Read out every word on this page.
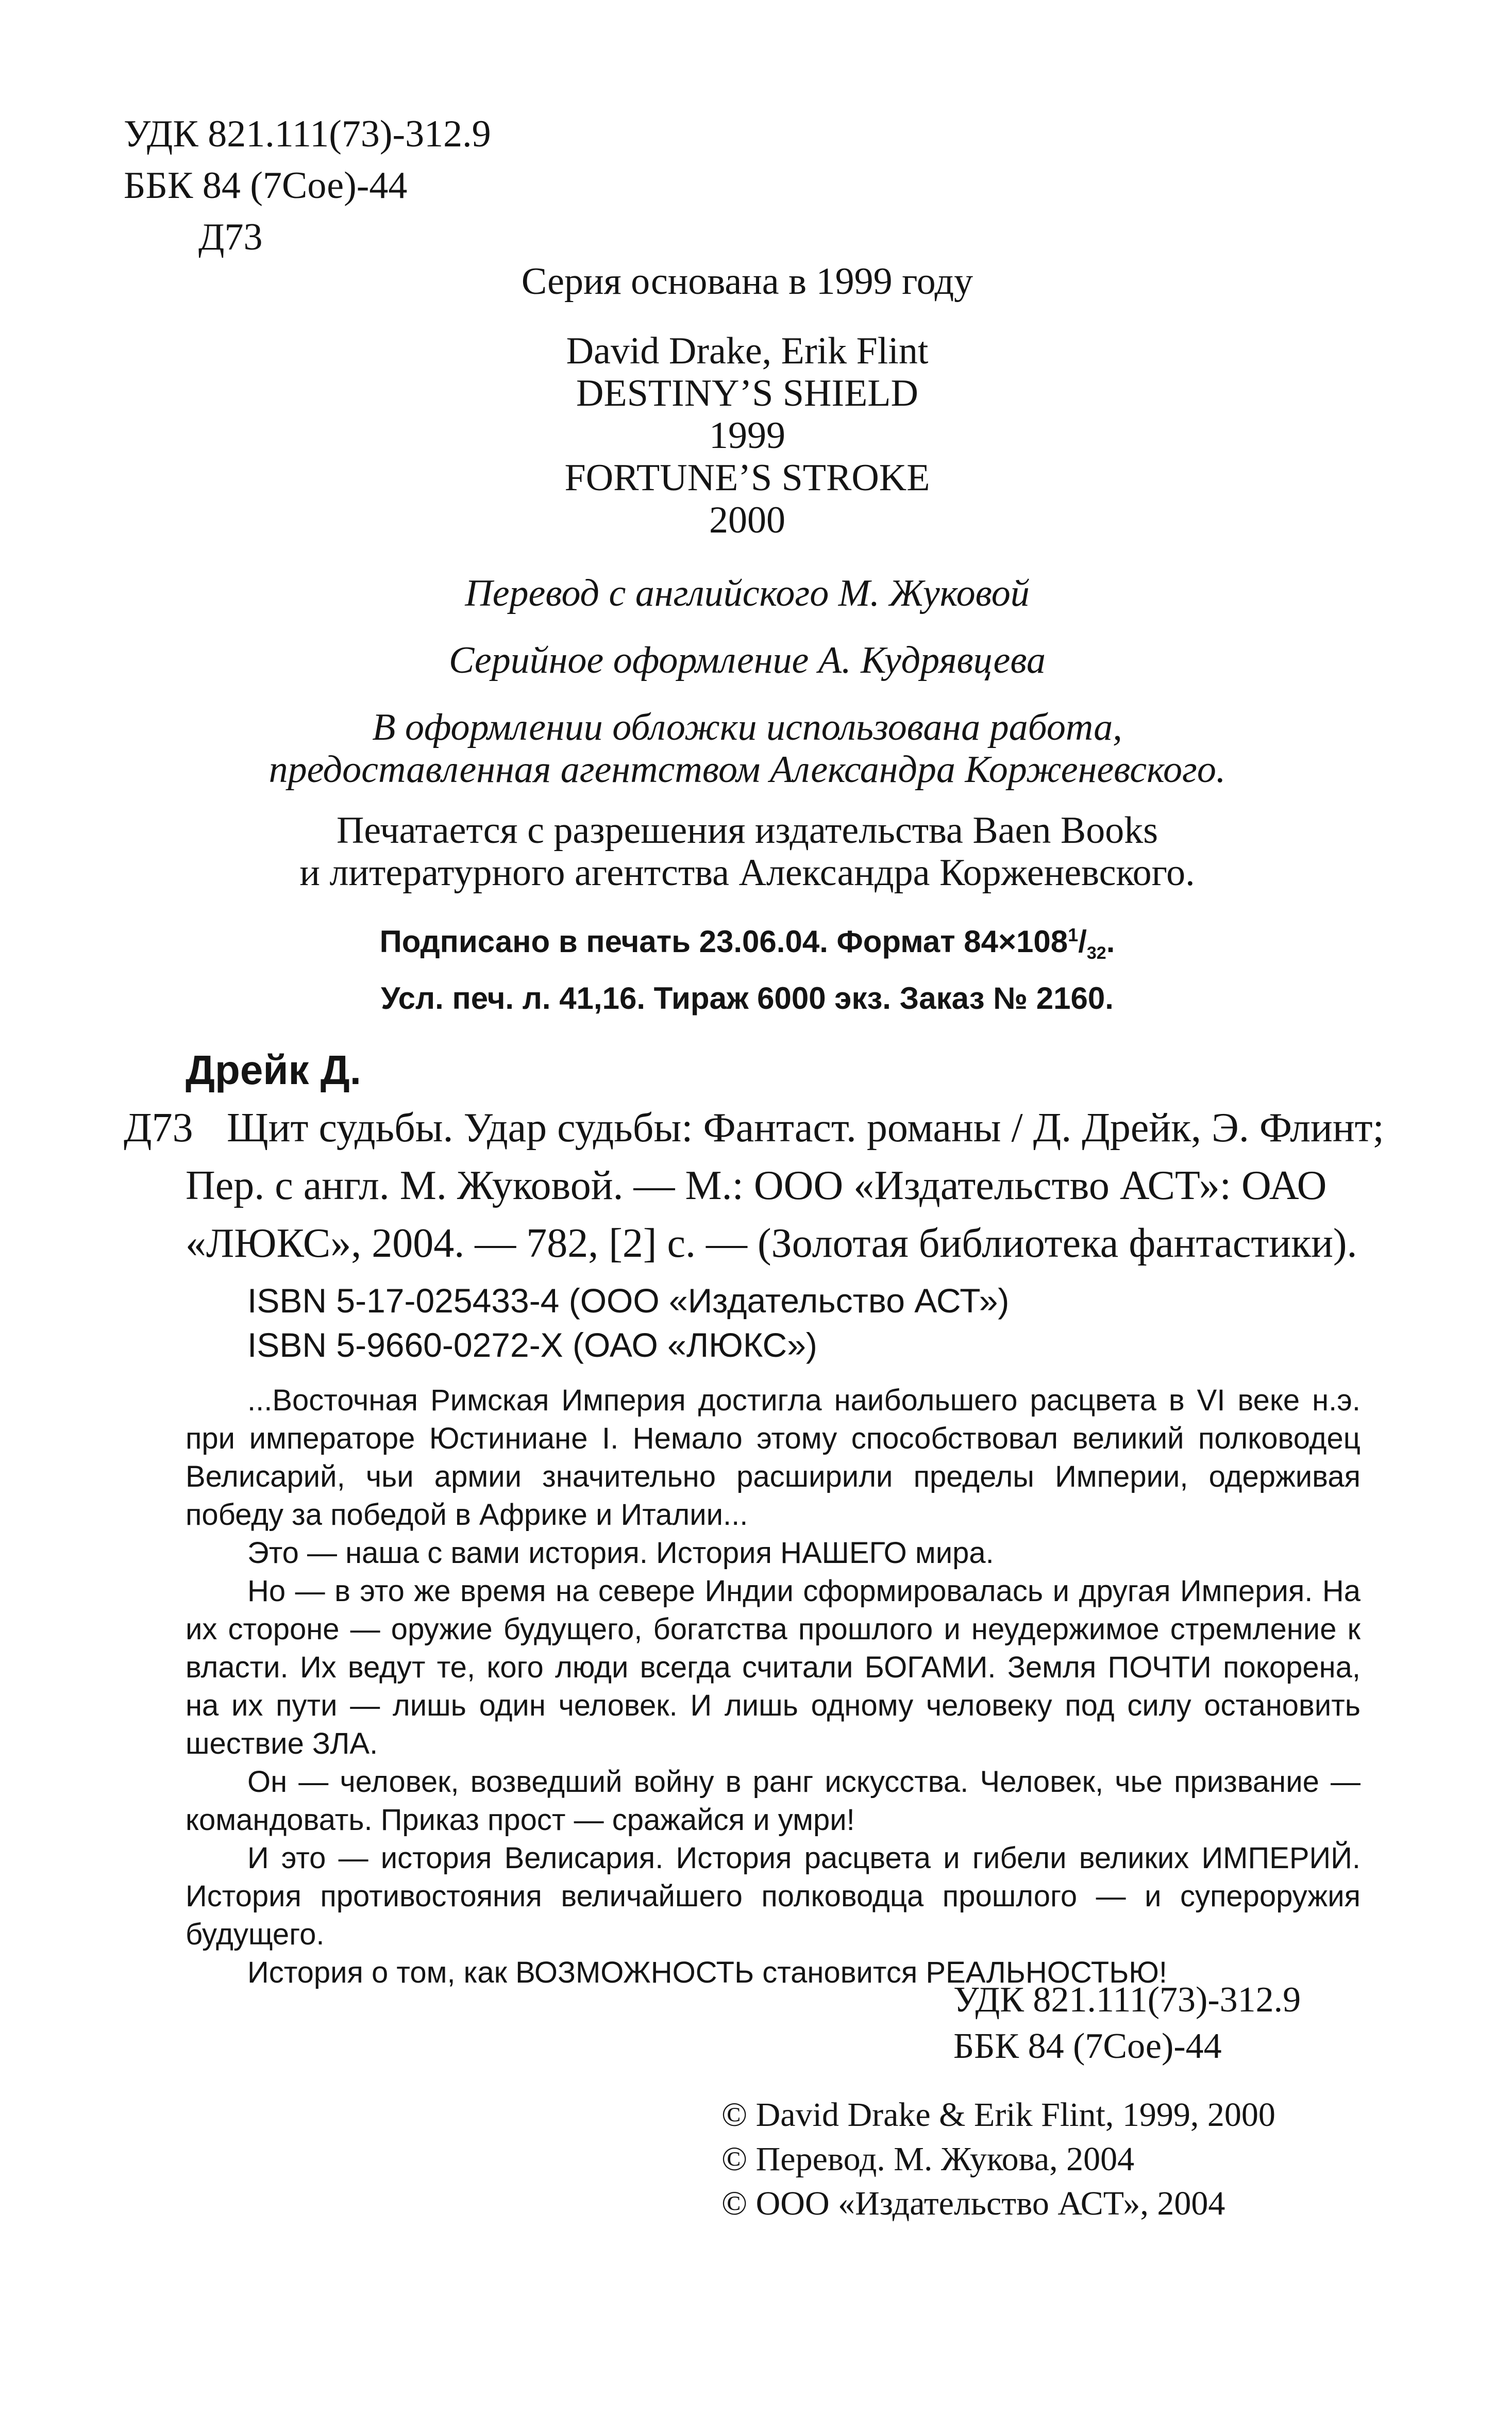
УДК 821.111(73)-312.9
ББК 84 (7Сое)-44
Д73
Серия основана в 1999 году
David Drake, Erik Flint
DESTINY’S SHIELD
1999
FORTUNE’S STROKE
2000
Перевод с английского М. Жуковой
Серийное оформление А. Кудрявцева
В оформлении обложки использована работа,
предоставленная агентством Александра Корженевского.
Печатается с разрешения издательства Baen Books
и литературного агентства Александра Корженевского.
Подписано в печать 23.06.04. Формат $84\times 108^1/_{32}$.
Усл. печ. л. 41,16. Тираж 6000 экз. Заказ № 2160.
Дрейк Д.
Д73 Щит судьбы. Удар судьбы: Фантаст. романы / Д. Дрейк, Э. Флинт;
Пер. с англ. М. Жуковой. — М.: ООО «Издательство АСТ»: ОАО
«ЛЮКС», 2004. — 782, [2] с. — (Золотая библиотека фантастики).
ISBN 5-17-025433-4 (ООО «Издательство АСТ»)
ISBN 5-9660-0272-X (ОАО «ЛЮКС»)

...Восточная Римская Империя достигла наибольшего расцвета в VI веке н.э. при императоре Юстиниане I. Немало этому способствовал великий полководец Велисарий, чьи армии значительно расширили пределы Империи, одерживая победу за победой в Африке и Италии...

Это — наша с вами история. История НАШЕГО мира.

Но — в это же время на севере Индии сформировалась и другая Империя. На их стороне — оружие будущего, богатства прошлого и неудержимое стремление к власти. Их ведут те, кого люди всегда считали БОГАМИ. Земля ПОЧТИ покорена, на их пути — лишь один человек. И лишь одному человеку под силу остановить шествие ЗЛА.

Он — человек, возведший войну в ранг искусства. Человек, чье призвание — командовать. Приказ прост — сражайся и умри!

И это — история Велисария. История расцвета и гибели великих ИМПЕРИЙ. История противостояния величайшего полководца прошлого — и супероружия будущего.

История о том, как ВОЗМОЖНОСТЬ становится РЕАЛЬНОСТЬЮ!

УДК 821.111(73)-312.9
ББК 84 (7Сое)-44
© David Drake & Erik Flint, 1999, 2000
© Перевод. М. Жукова, 2004
© ООО «Издательство АСТ», 2004
